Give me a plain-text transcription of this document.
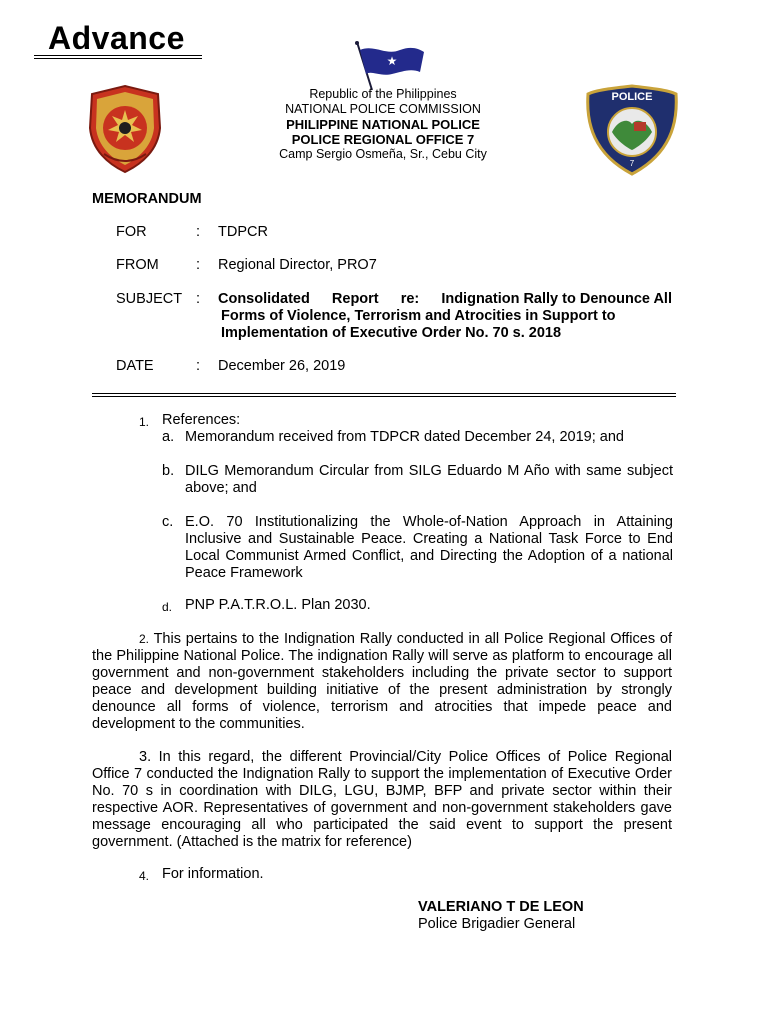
Advance
★
POLICE
7
Republic of the Philippines
NATIONAL POLICE COMMISSION
PHILIPPINE NATIONAL POLICE
POLICE REGIONAL OFFICE 7
Camp Sergio Osmeña, Sr., Cebu City
MEMORANDUM
FOR	: TDPCR
FROM	: Regional Director, PRO7
SUBJECT : Consolidated Report re: Indignation Rally to Denounce All
Forms of Violence, Terrorism and Atrocities in Support to
Implementation of Executive Order No. 70 s. 2018
DATE	: December 26, 2019
1. References:
a. Memorandum received from TDPCR dated December 24, 2019; and
b. DILG Memorandum Circular from SILG Eduardo M Año with same subject above; and
c. E.O. 70 Institutionalizing the Whole-of-Nation Approach in Attaining Inclusive and Sustainable Peace. Creating a National Task Force to End Local Communist Armed Conflict, and Directing the Adoption of a national Peace Framework
d. PNP P.A.T.R.O.L. Plan 2030.
2. This pertains to the Indignation Rally conducted in all Police Regional Offices of the Philippine National Police. The indignation Rally will serve as platform to encourage all government and non-government stakeholders including the private sector to support peace and development building initiative of the present administration by strongly denounce all forms of violence, terrorism and atrocities that impede peace and development to the communities.
3. In this regard, the different Provincial/City Police Offices of Police Regional Office 7 conducted the Indignation Rally to support the implementation of Executive Order No. 70 s in coordination with DILG, LGU, BJMP, BFP and private sector within their respective AOR. Representatives of government and non-government stakeholders gave message encouraging all who participated the said event to support the present government. (Attached is the matrix for reference)
4. For information.
VALERIANO T DE LEON
Police Brigadier General
